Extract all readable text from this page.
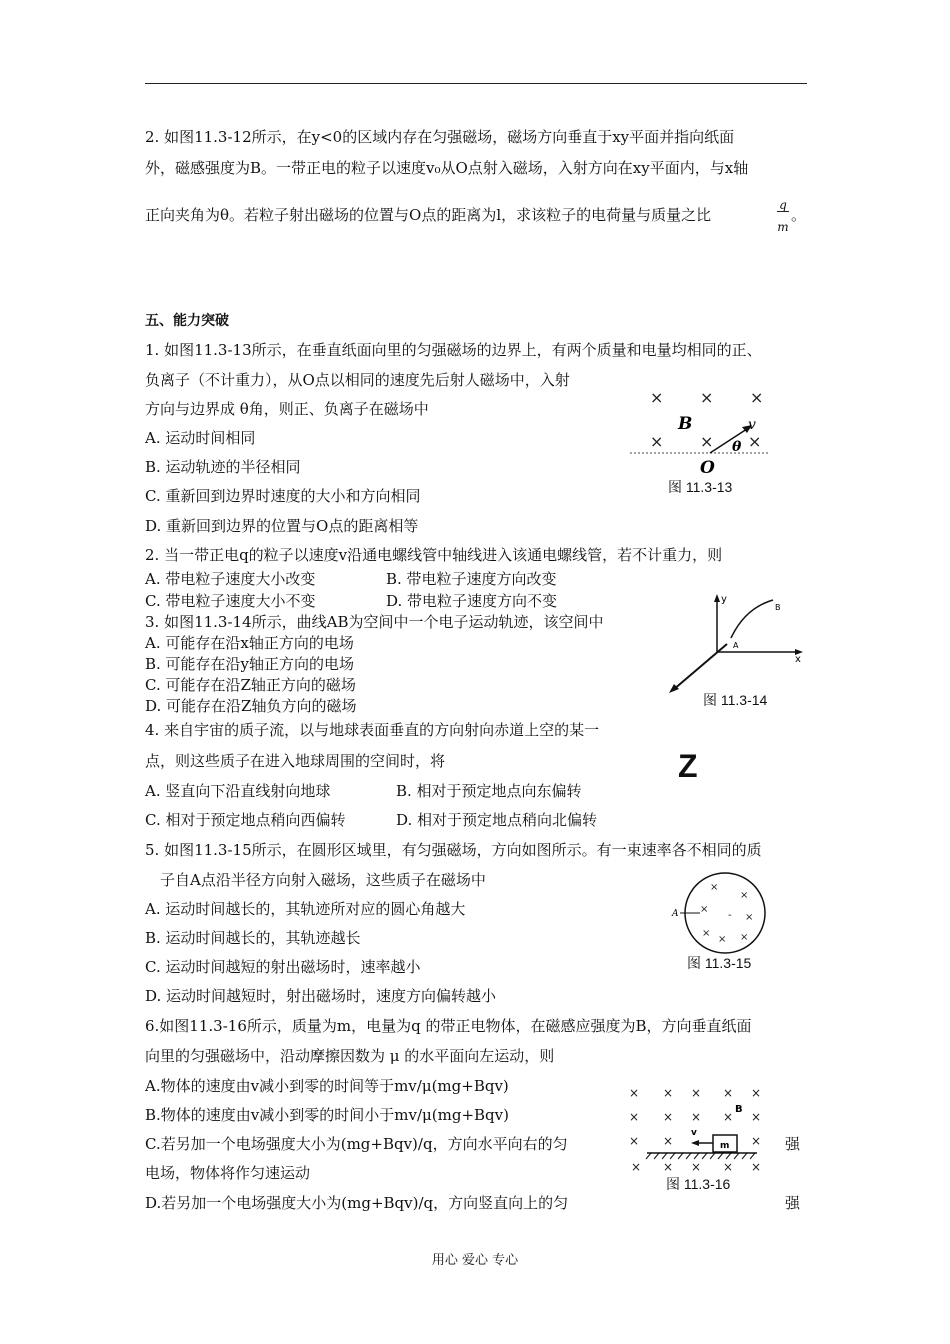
2. 如图11.3-12所示，在y<0的区域内存在匀强磁场，磁场方向垂直于xy平面并指向纸面
外，磁感强度为B。一带正电的粒子以速度v₀从O点射入磁场，入射方向在xy平面内，与x轴
正向夹角为θ。若粒子射出磁场的位置与O点的距离为l，求该粒子的电荷量与质量之比
q
m
。
五、能力突破
1. 如图11.3-13所示，在垂直纸面向里的匀强磁场的边界上，有两个质量和电量均相同的正、
负离子（不计重力），从O点以相同的速度先后射人磁场中，入射
方向与边界成 θ角，则正、负离子在磁场中
A. 运动时间相同
B. 运动轨迹的半径相同
C. 重新回到边界时速度的大小和方向相同
D. 重新回到边界的位置与O点的距离相等
× × ×
× × ×
B	v
θ
O
图 11.3-13
2. 当一带正电q的粒子以速度v沿通电螺线管中轴线进入该通电螺线管，若不计重力，则
A. 带电粒子速度大小改变	B. 带电粒子速度方向改变
C. 带电粒子速度大小不变	D. 带电粒子速度方向不变
3. 如图11.3-14所示，曲线AB为空间中一个电子运动轨迹，该空间中
A. 可能存在沿x轴正方向的电场
B. 可能存在沿y轴正方向的电场
C. 可能存在沿Z轴正方向的磁场
D. 可能存在沿Z轴负方向的磁场
y
x
A
B
图 11.3-14
4. 来自宇宙的质子流，以与地球表面垂直的方向射向赤道上空的某一
点，则这些质子在进入地球周围的空间时，将	Z
A. 竖直向下沿直线射向地球	B. 相对于预定地点向东偏转
C. 相对于预定地点稍向西偏转	D. 相对于预定地点稍向北偏转
5. 如图11.3-15所示，在圆形区域里，有匀强磁场，方向如图所示。有一束速率各不相同的质
子自A点沿半径方向射入磁场，这些质子在磁场中
A. 运动时间越长的，其轨迹所对应的圆心角越大
B. 运动时间越长的，其轨迹越长
C. 运动时间越短的射出磁场时，速率越小
D. 运动时间越短时，射出磁场时，速度方向偏转越小
×
×
×
×
-
×
× ×
A
图 11.3-15
6.如图11.3-16所示，质量为m，电量为q 的带正电物体，在磁感应强度为B，方向垂直纸面
向里的匀强磁场中，沿动摩擦因数为 μ 的水平面向左运动，则
A.物体的速度由v减小到零的时间等于mv/μ(mg+Bqv)
B.物体的速度由v减小到零的时间小于mv/μ(mg+Bqv)
C.若另加一个电场强度大小为(mg+Bqv)/q，方向水平向右的匀
电场，物体将作匀速运动
D.若另加一个电场强度大小为(mg+Bqv)/q，方向竖直向上的匀
强
强
× × × × ×
× × × × ×
× ×	×
× × × × ×
m
v
B
图 11.3-16
用心 爱心 专心
